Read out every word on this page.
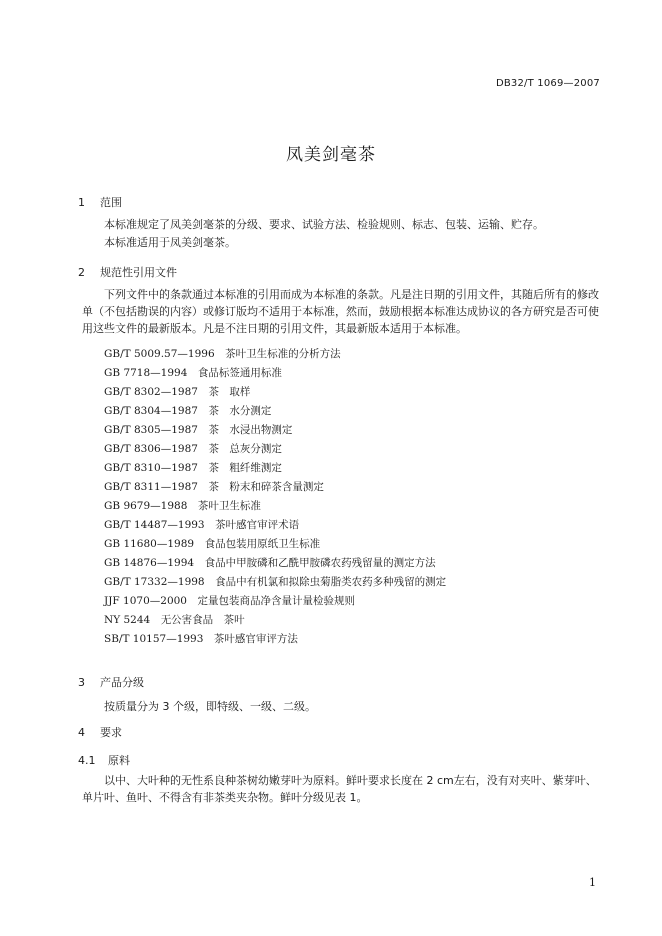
DB32/T 1069—2007
凤美剑毫茶
1 范围
本标准规定了凤美剑毫茶的分级、要求、试验方法、检验规则、标志、包装、运输、贮存。
本标准适用于凤美剑毫茶。
2 规范性引用文件
下列文件中的条款通过本标准的引用而成为本标准的条款。凡是注日期的引用文件，其随后所有的修改单（不包括勘误的内容）或修订版均不适用于本标准，然而，鼓励根据本标准达成协议的各方研究是否可使用这些文件的最新版本。凡是不注日期的引用文件，其最新版本适用于本标准。
GB/T 5009.57—1996　 茶叶卫生标准的分析方法
GB 7718—1994　 食品标签通用标准
GB/T 8302—1987　 茶　取样
GB/T 8304—1987　 茶　水分测定
GB/T 8305—1987　 茶　水浸出物测定
GB/T 8306—1987　 茶　总灰分测定
GB/T 8310—1987　 茶　粗纤维测定
GB/T 8311—1987　 茶　粉末和碎茶含量测定
GB 9679—1988　 茶叶卫生标准
GB/T 14487—1993　 茶叶感官审评术语
GB 11680—1989　 食品包装用原纸卫生标准
GB 14876—1994　 食品中甲胺磷和乙酰甲胺磷农药残留量的测定方法
GB/T 17332—1998　 食品中有机氯和拟除虫菊脂类农药多种残留的测定
JJF 1070—2000　 定量包装商品净含量计量检验规则
NY 5244　 无公害食品　茶叶
SB/T 10157—1993　 茶叶感官审评方法
3 产品分级
按质量分为 3 个级，即特级、一级、二级。
4 要求
4.1 原料
以中、大叶种的无性系良种茶树幼嫩芽叶为原料。鲜叶要求长度在 2 cm左右，没有对夹叶、紫芽叶、单片叶、鱼叶、不得含有非茶类夹杂物。鲜叶分级见表 1。
1
